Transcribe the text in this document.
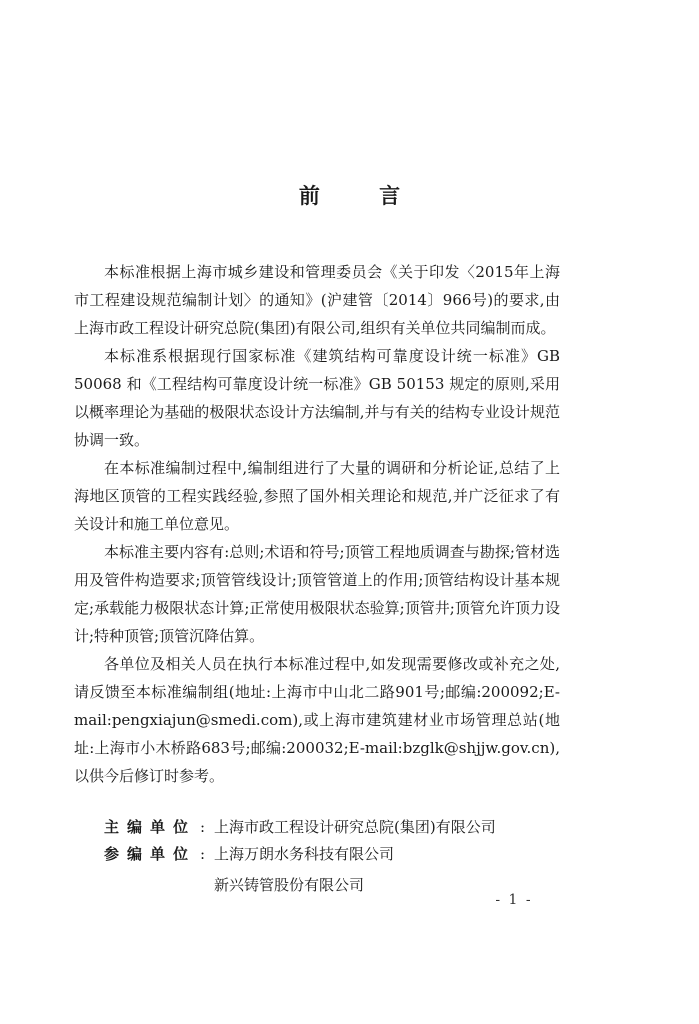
前 言

本标准根据上海市城乡建设和管理委员会《关于印发〈2015年上海市工程建设规范编制计划〉的通知》(沪建管〔2014〕966号)的要求,由上海市政工程设计研究总院(集团)有限公司,组织有关单位共同编制而成。

本标准系根据现行国家标准《建筑结构可靠度设计统一标准》GB 50068 和《工程结构可靠度设计统一标准》GB 50153 规定的原则,采用以概率理论为基础的极限状态设计方法编制,并与有关的结构专业设计规范协调一致。

在本标准编制过程中,编制组进行了大量的调研和分析论证,总结了上海地区顶管的工程实践经验,参照了国外相关理论和规范,并广泛征求了有关设计和施工单位意见。

本标准主要内容有:总则;术语和符号;顶管工程地质调查与勘探;管材选用及管件构造要求;顶管管线设计;顶管管道上的作用;顶管结构设计基本规定;承载能力极限状态计算;正常使用极限状态验算;顶管井;顶管允许顶力设计;特种顶管;顶管沉降估算。

各单位及相关人员在执行本标准过程中,如发现需要修改或补充之处,请反馈至本标准编制组(地址:上海市中山北二路901号;邮编:200092;E-mail:pengxiajun@smedi.com),或上海市建筑建材业市场管理总站(地址:上海市小木桥路683号;邮编:200032;E-mail:bzglk@shjjw.gov.cn),以供今后修订时参考。

主编单位 : 上海市政工程设计研究总院(集团)有限公司
参编单位 : 上海万朗水务科技有限公司
新兴铸管股份有限公司
- 1 -
